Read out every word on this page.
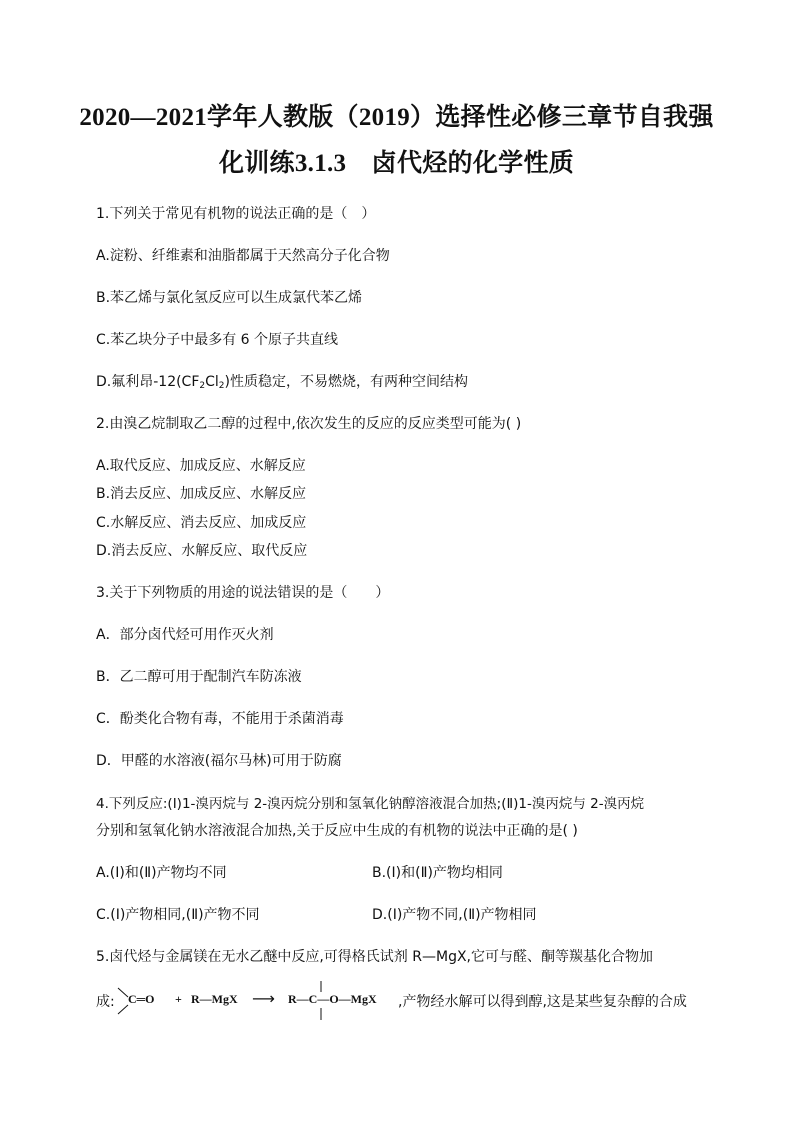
2020—2021学年人教版（2019）选择性必修三章节自我强
化训练3.1.3　卤代烃的化学性质
1.下列关于常见有机物的说法正确的是（　）
A.淀粉、纤维素和油脂都属于天然高分子化合物
B.苯乙烯与氯化氢反应可以生成氯代苯乙烯
C.苯乙块分子中最多有 6 个原子共直线
D.氟利昂$-12(CF_2Cl_2)$性质稳定，不易燃烧，有两种空间结构
2.由溴乙烷制取乙二醇的过程中,依次发生的反应的反应类型可能为( )
A.取代反应、加成反应、水解反应
B.消去反应、加成反应、水解反应
C.水解反应、消去反应、加成反应
D.消去反应、水解反应、取代反应
3.关于下列物质的用途的说法错误的是（　　）
A．部分卤代烃可用作灭火剂
B．乙二醇可用于配制汽车防冻液
C．酚类化合物有毒，不能用于杀菌消毒
D．甲醛的水溶液(福尔马林)可用于防腐
4.下列反应:(Ⅰ)1-溴丙烷与 2-溴丙烷分别和氢氧化钠醇溶液混合加热;(Ⅱ)1-溴丙烷与 2-溴丙烷
分别和氢氧化钠水溶液混合加热,关于反应中生成的有机物的说法中正确的是( )
A.(Ⅰ)和(Ⅱ)产物均不同	B.(Ⅰ)和(Ⅱ)产物均相同
C.(Ⅰ)产物相同,(Ⅱ)产物不同	D.(Ⅰ)产物不同,(Ⅱ)产物相同
5.卤代烃与金属镁在无水乙醚中反应,可得格氏试剂 R—MgX,它可与醛、酮等羰基化合物加
成: C═O + R—MgX ⟶ R—C—O—MgX ,产物经水解可以得到醇,这是某些复杂醇的合成
